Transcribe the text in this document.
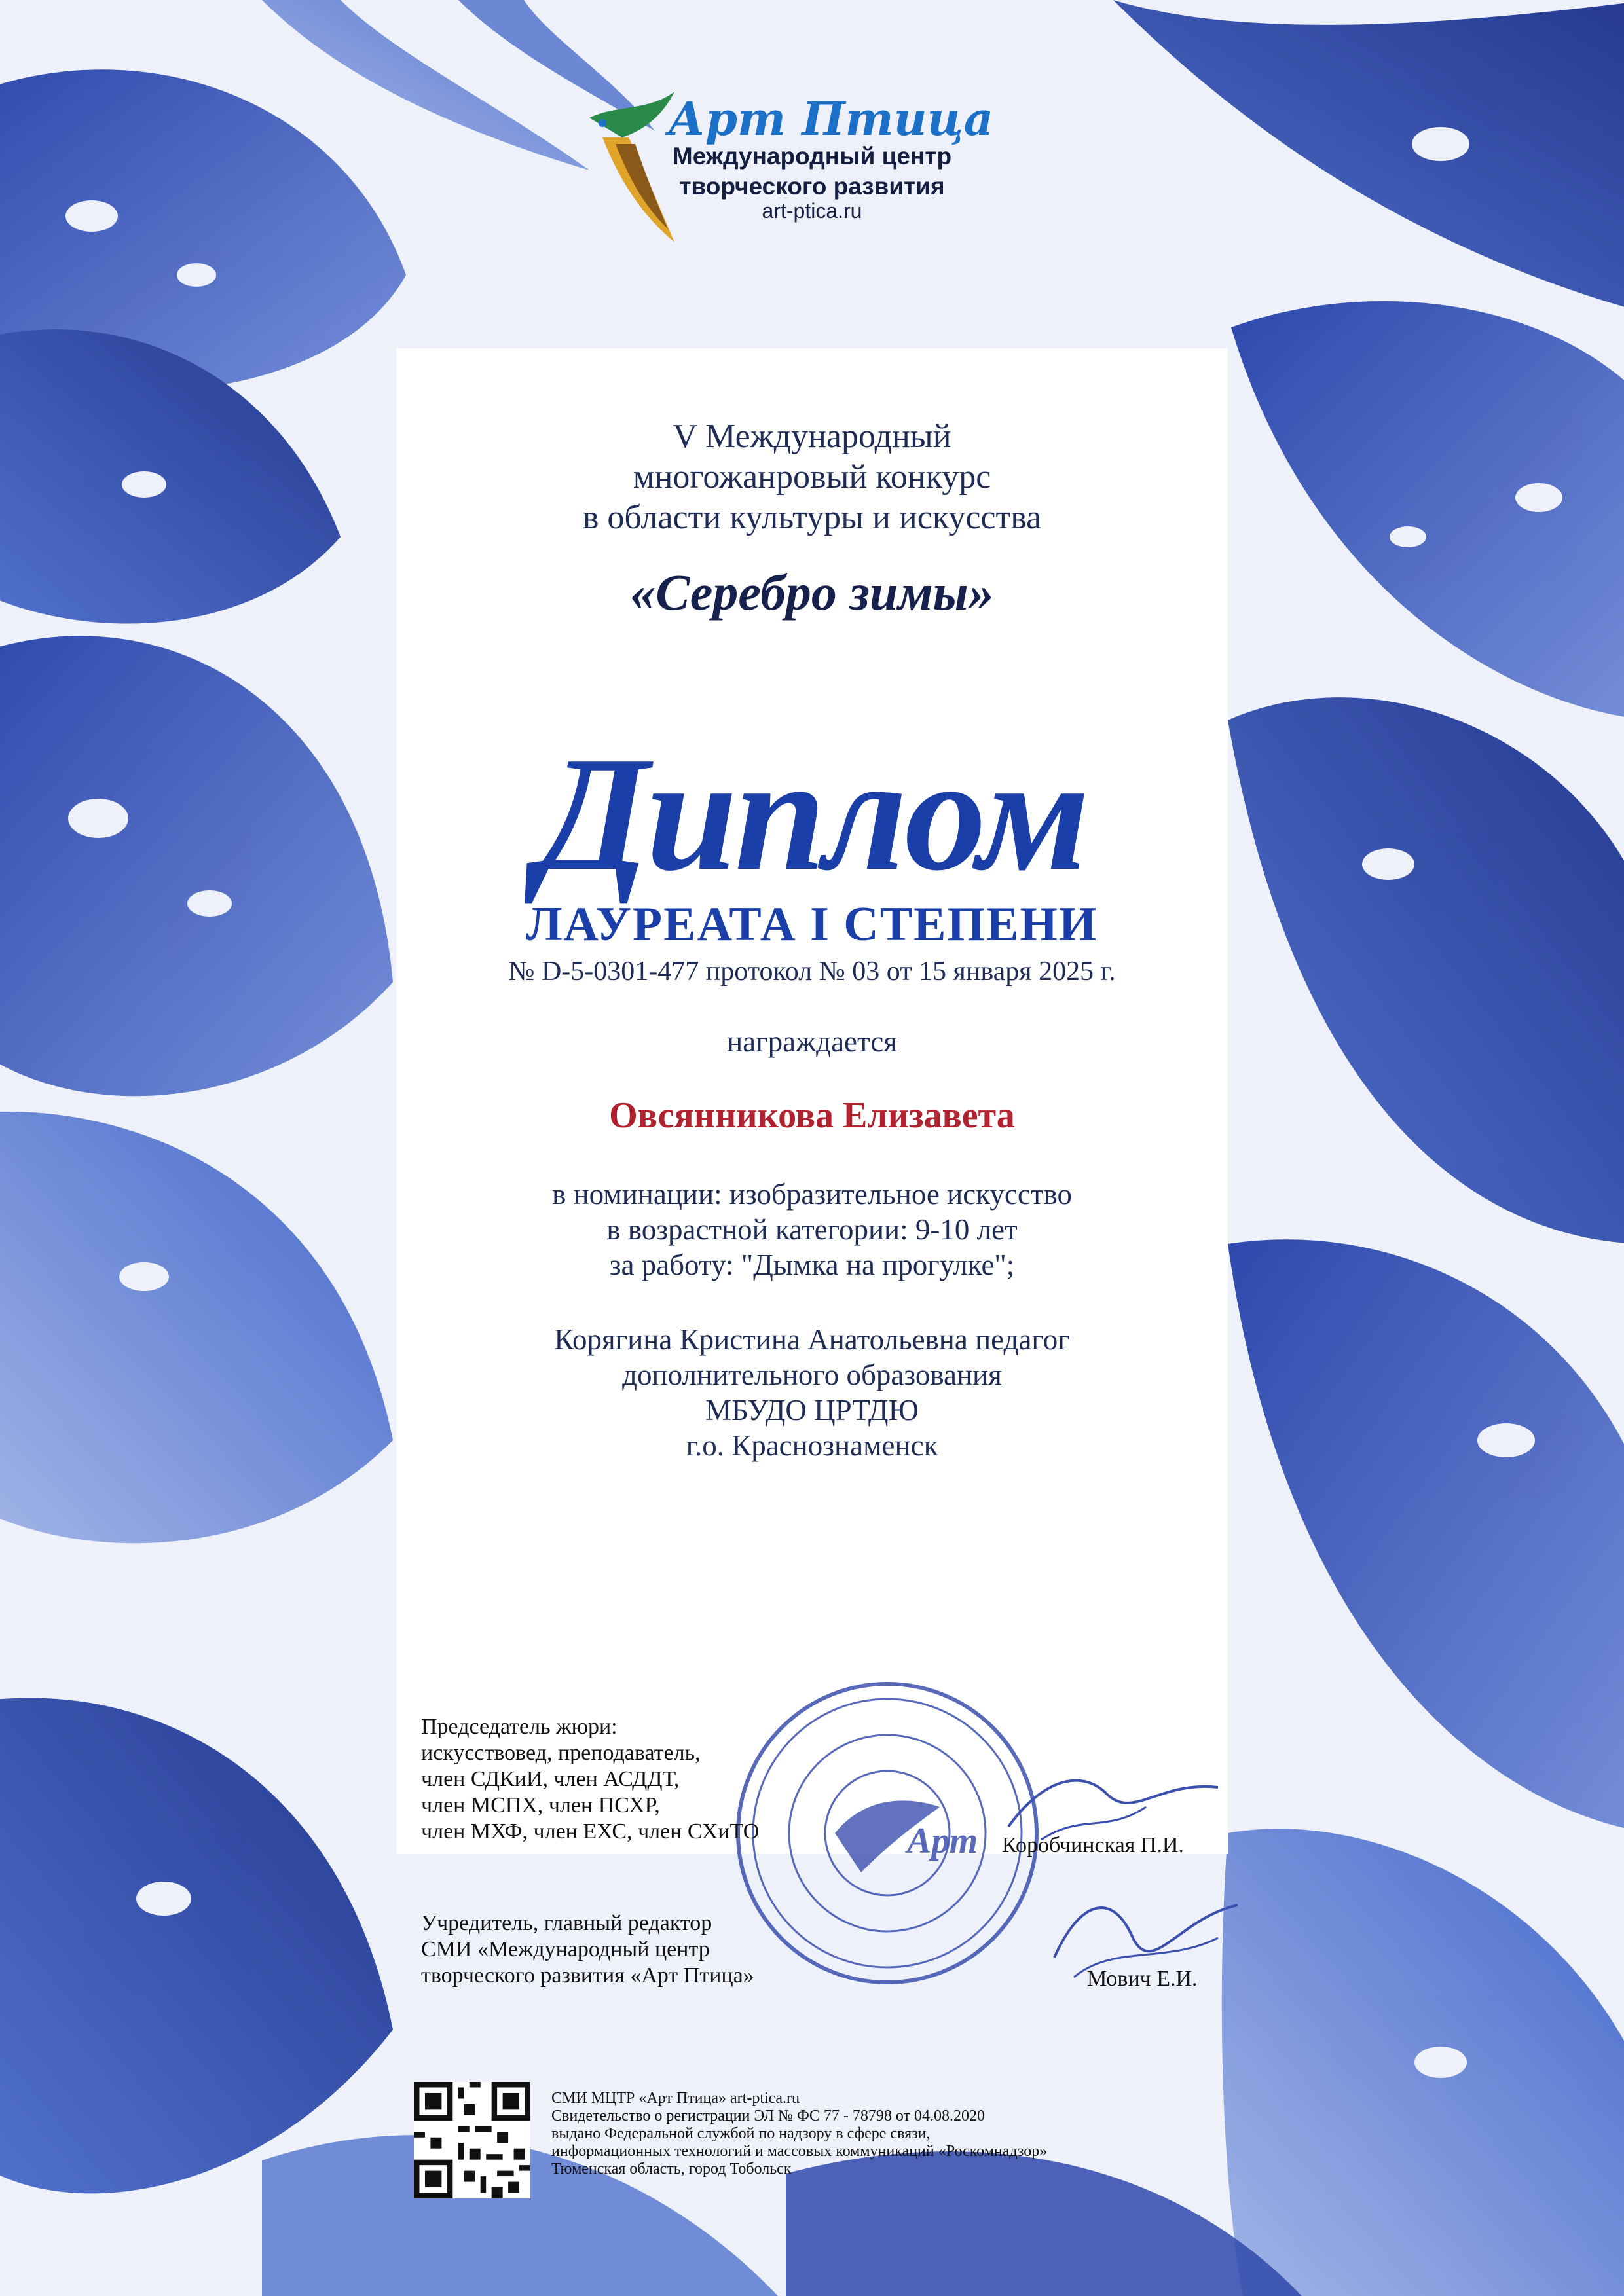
Арт Птица
Международный центр
творческого развития
art-ptica.ru
V Международный
многожанровый конкурс
в области культуры и искусства
«Серебро зимы»
Диплом
ЛАУРЕАТА I СТЕПЕНИ
№ D-5-0301-477 протокол № 03 от 15 января 2025 г.
награждается
Овсянникова Елизавета
в номинации: изобразительное искусство
в возрастной категории: 9-10 лет
за работу: "Дымка на прогулке";
Корягина Кристина Анатольевна педагог
дополнительного образования
МБУДО ЦРТДЮ
г.о. Краснознаменск
Арт
Председатель жюри:
искусствовед, преподаватель,
член СДКиИ, член АСДДТ,
член МСПХ, член ПСХР,
член МХФ, член ЕХС, член СХиТО
Коробчинская П.И.
Учредитель, главный редактор
СМИ «Международный центр
творческого развития «Арт Птица»	Мович Е.И.
СМИ МЦТР «Арт Птица» art-ptica.ru
Свидетельство о регистрации ЭЛ № ФС 77 - 78798 от 04.08.2020
выдано Федеральной службой по надзору в сфере связи,
информационных технологий и массовых коммуникаций «Роскомнадзор»
Тюменская область, город Тобольск
